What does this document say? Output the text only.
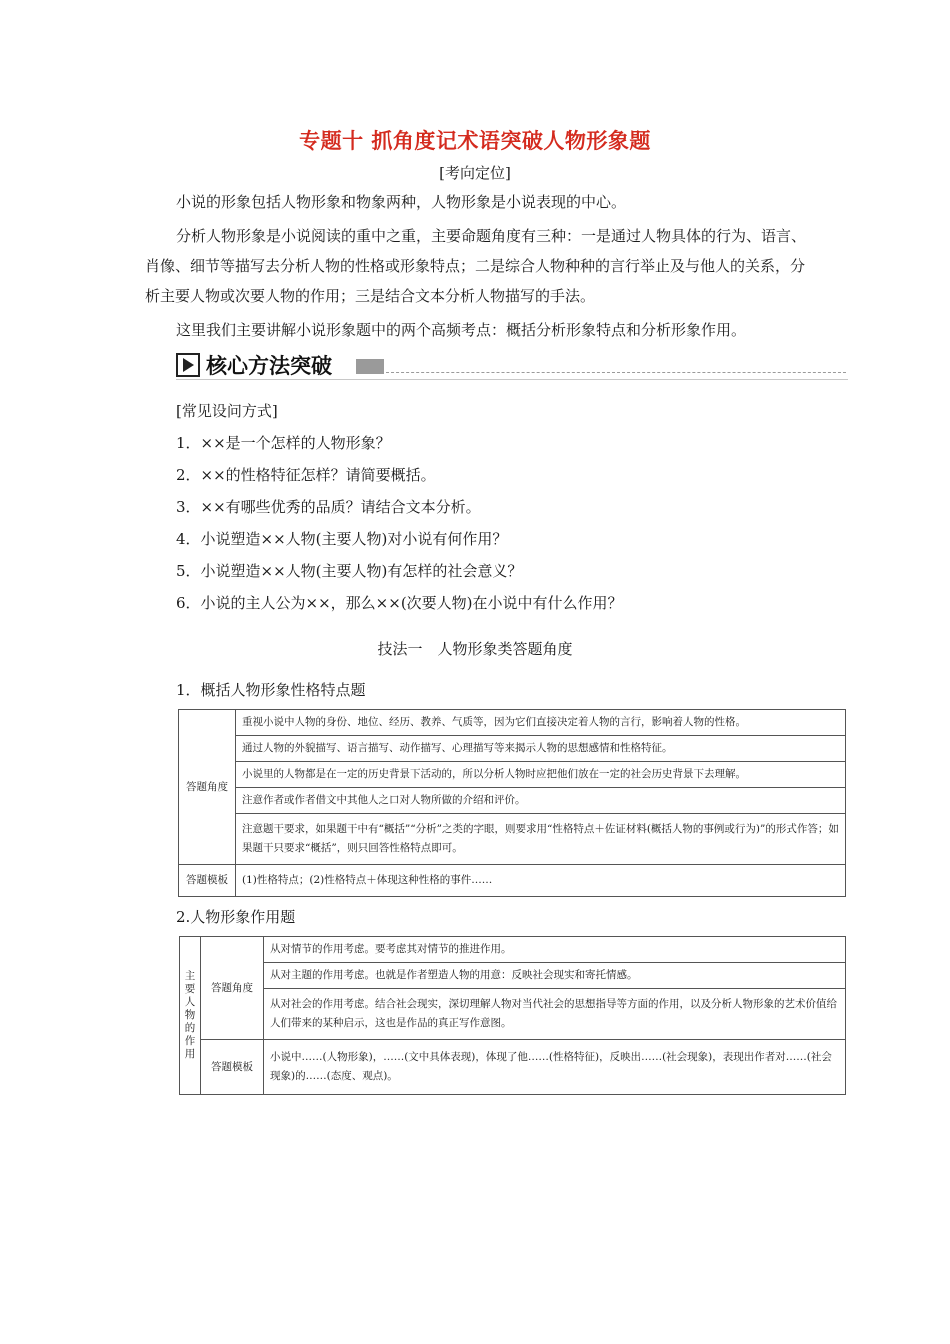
专题十 抓角度记术语突破人物形象题
[考向定位]

小说的形象包括人物形象和物象两种，人物形象是小说表现的中心。

分析人物形象是小说阅读的重中之重，主要命题角度有三种：一是通过人物具体的行为、语言、肖像、细节等描写去分析人物的性格或形象特点；二是综合人物种种的言行举止及与他人的关系，分析主要人物或次要人物的作用；三是结合文本分析人物描写的手法。

这里我们主要讲解小说形象题中的两个高频考点：概括分析形象特点和分析形象作用。

核心方法突破
[常见设问方式]
1．××是一个怎样的人物形象？
2．××的性格特征怎样？请简要概括。
3．××有哪些优秀的品质？请结合文本分析。
4．小说塑造××人物(主要人物)对小说有何作用？
5．小说塑造××人物(主要人物)有怎样的社会意义？
6．小说的主人公为××，那么××(次要人物)在小说中有什么作用？
技法一　人物形象类答题角度
1．概括人物形象性格特点题
答题角度	重视小说中人物的身份、地位、经历、教养、气质等，因为它们直接决定着人物的言行，影响着人物的性格。
	通过人物的外貌描写、语言描写、动作描写、心理描写等来揭示人物的思想感情和性格特征。
	小说里的人物都是在一定的历史背景下活动的，所以分析人物时应把他们放在一定的社会历史背景下去理解。
	注意作者或作者借文中其他人之口对人物所做的介绍和评价。
	注意题干要求，如果题干中有“概括”“分析”之类的字眼，则要求用“性格特点＋佐证材料(概括人物的事例或行为)”的形式作答；如果题干只要求“概括”，则只回答性格特点即可。
答题模板	(1)性格特点；(2)性格特点＋体现这种性格的事件……
2.人物形象作用题
主要人物的作用	答题角度	从对情节的作用考虑。要考虑其对情节的推进作用。
		从对主题的作用考虑。也就是作者塑造人物的用意：反映社会现实和寄托情感。
		从对社会的作用考虑。结合社会现实，深切理解人物对当代社会的思想指导等方面的作用，以及分析人物形象的艺术价值给人们带来的某种启示，这也是作品的真正写作意图。
	答题模板	小说中……(人物形象)，……(文中具体表现)，体现了他……(性格特征)，反映出……(社会现象)，表现出作者对……(社会现象)的……(态度、观点)。
